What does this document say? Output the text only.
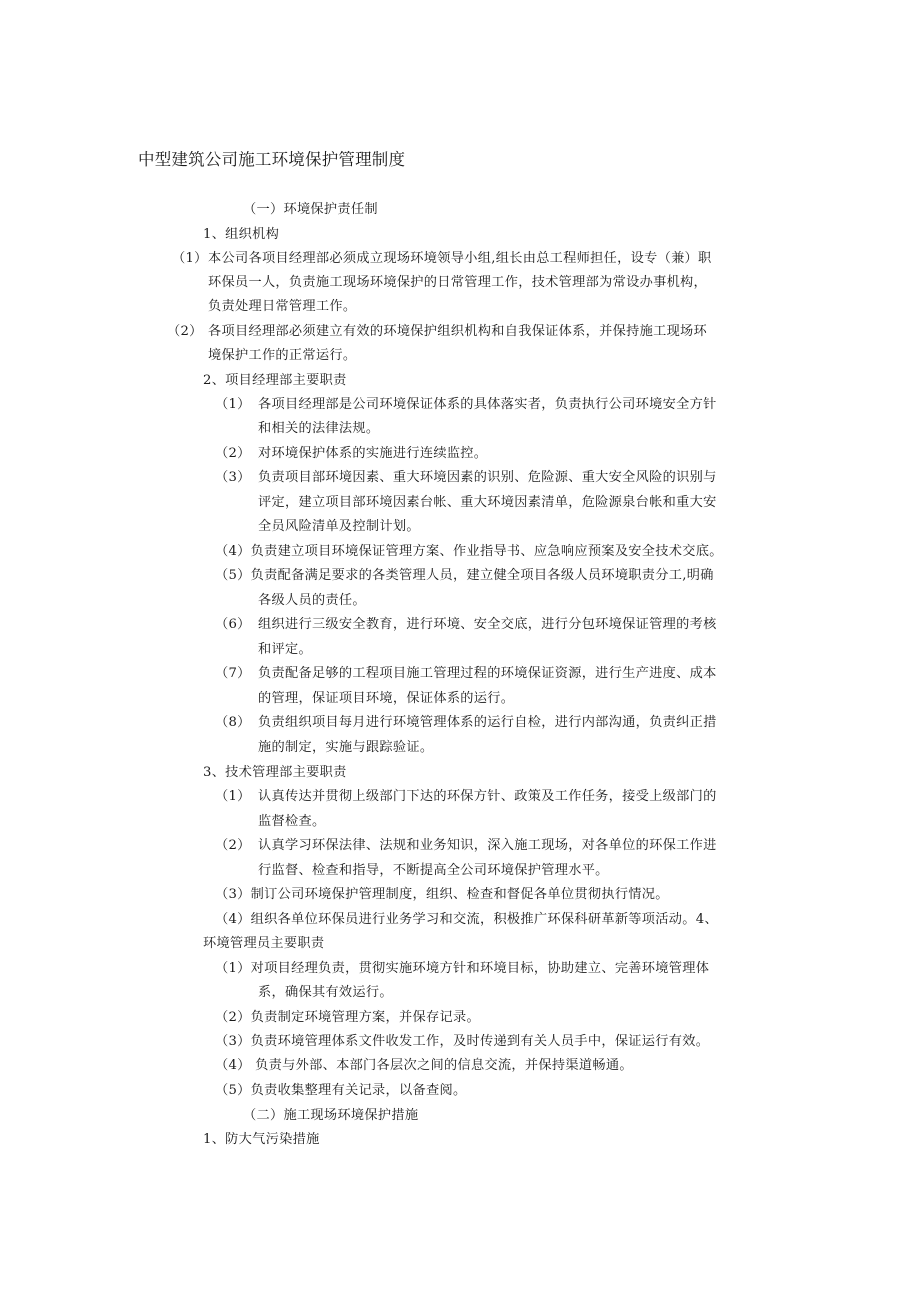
中型建筑公司施工环境保护管理制度
（一）环境保护责任制
1、组织机构
（1） 本公司各项目经理部必须成立现场环境领导小组,组长由总工程师担任，设专（兼）职
环保员一人，负责施工现场环境保护的日常管理工作，技术管理部为常设办事机构，
负责处理日常管理工作。
（2） 各项目经理部必须建立有效的环境保护组织机构和自我保证体系，并保持施工现场环
境保护工作的正常运行。
2、项目经理部主要职责
（1） 各项目经理部是公司环境保证体系的具体落实者，负责执行公司环境安全方针
和相关的法律法规。
（2） 对环境保护体系的实施进行连续监控。
（3） 负责项目部环境因素、重大环境因素的识别、危险源、重大安全风险的识别与
评定，建立项目部环境因素台帐、重大环境因素清单，危险源泉台帐和重大安
全员风险清单及控制计划。
（4）负责建立项目环境保证管理方案、作业指导书、应急响应预案及安全技术交底。
（5）负责配备满足要求的各类管理人员，建立健全项目各级人员环境职责分工,明确
各级人员的责任。
（6） 组织进行三级安全教育，进行环境、安全交底，进行分包环境保证管理的考核
和评定。
（7） 负责配备足够的工程项目施工管理过程的环境保证资源，进行生产进度、成本
的管理，保证项目环境，保证体系的运行。
（8） 负责组织项目每月进行环境管理体系的运行自检，进行内部沟通，负责纠正措
施的制定，实施与跟踪验证。
3、技术管理部主要职责
（1） 认真传达并贯彻上级部门下达的环保方针、政策及工作任务，接受上级部门的
监督检查。
（2） 认真学习环保法律、法规和业务知识，深入施工现场，对各单位的环保工作进
行监督、检查和指导，不断提高全公司环境保护管理水平。
（3）制订公司环境保护管理制度，组织、检查和督促各单位贯彻执行情况。
（4）组织各单位环保员进行业务学习和交流，积极推广环保科研革新等项活动。4、
环境管理员主要职责
（1）对项目经理负责，贯彻实施环境方针和环境目标，协助建立、完善环境管理体
系，确保其有效运行。
（2）负责制定环境管理方案，并保存记录。
（3）负责环境管理体系文件收发工作，及时传递到有关人员手中，保证运行有效。
（4） 负责与外部、本部门各层次之间的信息交流，并保持渠道畅通。
（5）负责收集整理有关记录，以备查阅。
（二）施工现场环境保护措施
1、防大气污染措施
